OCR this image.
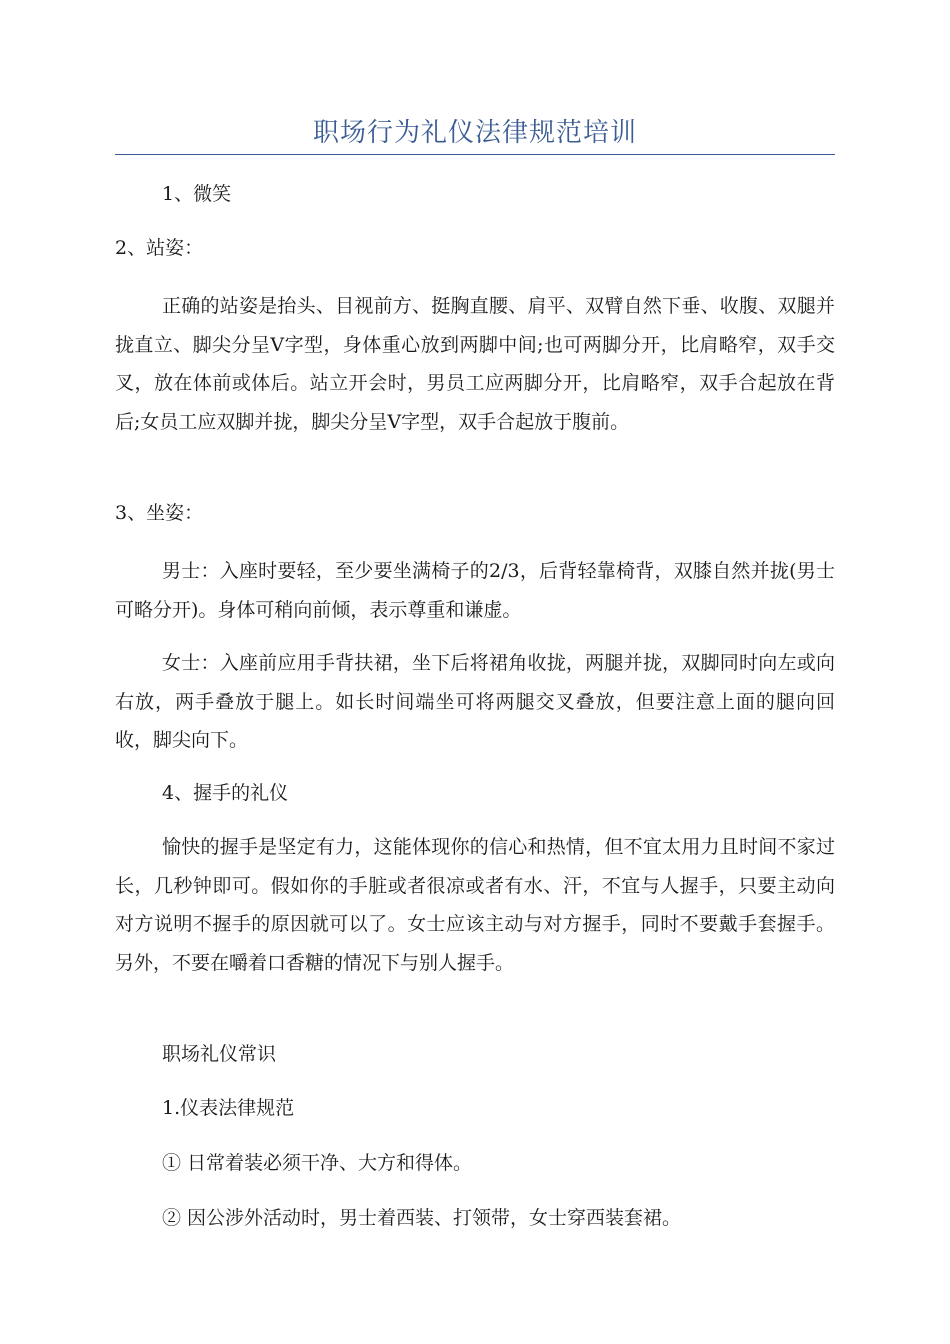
职场行为礼仪法律规范培训

1、微笑

2、站姿：

正确的站姿是抬头、目视前方、挺胸直腰、肩平、双臂自然下垂、收腹、双腿并拢直立、脚尖分呈V字型，身体重心放到两脚中间;也可两脚分开，比肩略窄，双手交叉，放在体前或体后。站立开会时，男员工应两脚分开，比肩略窄，双手合起放在背后;女员工应双脚并拢，脚尖分呈V字型，双手合起放于腹前。

3、坐姿：

男士：入座时要轻，至少要坐满椅子的2/3，后背轻靠椅背，双膝自然并拢(男士可略分开)。身体可稍向前倾，表示尊重和谦虚。

女士：入座前应用手背扶裙，坐下后将裙角收拢，两腿并拢，双脚同时向左或向右放，两手叠放于腿上。如长时间端坐可将两腿交叉叠放，但要注意上面的腿向回收，脚尖向下。

4、握手的礼仪

愉快的握手是坚定有力，这能体现你的信心和热情，但不宜太用力且时间不家过长，几秒钟即可。假如你的手脏或者很凉或者有水、汗，不宜与人握手，只要主动向对方说明不握手的原因就可以了。女士应该主动与对方握手，同时不要戴手套握手。另外，不要在嚼着口香糖的情况下与别人握手。

职场礼仪常识

1.仪表法律规范

① 日常着装必须干净、大方和得体。

② 因公涉外活动时，男士着西装、打领带，女士穿西装套裙。
